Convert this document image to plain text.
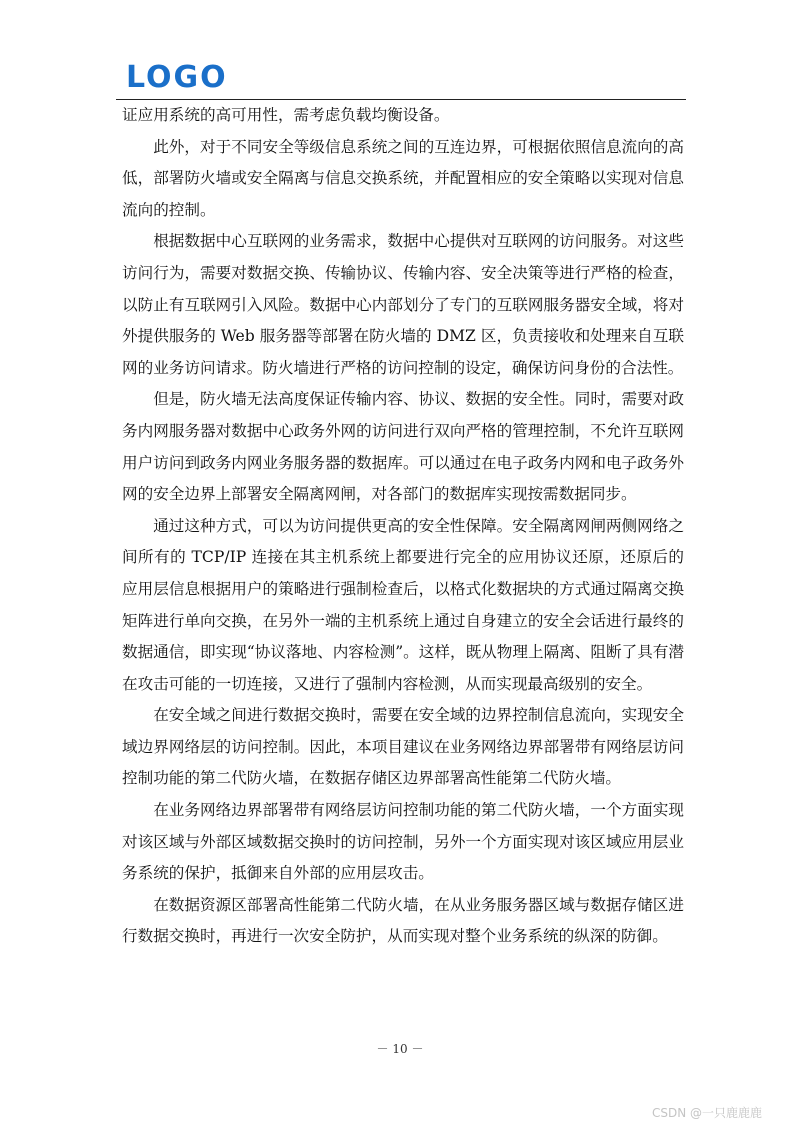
LOGO

证应用系统的高可用性，需考虑负载均衡设备。

此外，对于不同安全等级信息系统之间的互连边界，可根据依照信息流向的高低，部署防火墙或安全隔离与信息交换系统，并配置相应的安全策略以实现对信息流向的控制。

根据数据中心互联网的业务需求，数据中心提供对互联网的访问服务。对这些访问行为，需要对数据交换、传输协议、传输内容、安全决策等进行严格的检查，以防止有互联网引入风险。数据中心内部划分了专门的互联网服务器安全域，将对外提供服务的 Web 服务器等部署在防火墙的 DMZ 区，负责接收和处理来自互联网的业务访问请求。防火墙进行严格的访问控制的设定，确保访问身份的合法性。

但是，防火墙无法高度保证传输内容、协议、数据的安全性。同时，需要对政务内网服务器对数据中心政务外网的访问进行双向严格的管理控制，不允许互联网用户访问到政务内网业务服务器的数据库。可以通过在电子政务内网和电子政务外网的安全边界上部署安全隔离网闸，对各部门的数据库实现按需数据同步。

通过这种方式，可以为访问提供更高的安全性保障。安全隔离网闸两侧网络之间所有的 TCP/IP 连接在其主机系统上都要进行完全的应用协议还原，还原后的应用层信息根据用户的策略进行强制检查后，以格式化数据块的方式通过隔离交换矩阵进行单向交换，在另外一端的主机系统上通过自身建立的安全会话进行最终的数据通信，即实现“协议落地、内容检测”。这样，既从物理上隔离、阻断了具有潜在攻击可能的一切连接，又进行了强制内容检测，从而实现最高级别的安全。

在安全域之间进行数据交换时，需要在安全域的边界控制信息流向，实现安全域边界网络层的访问控制。因此，本项目建议在业务网络边界部署带有网络层访问控制功能的第二代防火墙，在数据存储区边界部署高性能第二代防火墙。

在业务网络边界部署带有网络层访问控制功能的第二代防火墙，一个方面实现对该区域与外部区域数据交换时的访问控制，另外一个方面实现对该区域应用层业务系统的保护，抵御来自外部的应用层攻击。

在数据资源区部署高性能第二代防火墙，在从业务服务器区域与数据存储区进行数据交换时，再进行一次安全防护，从而实现对整个业务系统的纵深的防御。

－ 10 －
CSDN @一只鹿鹿鹿
